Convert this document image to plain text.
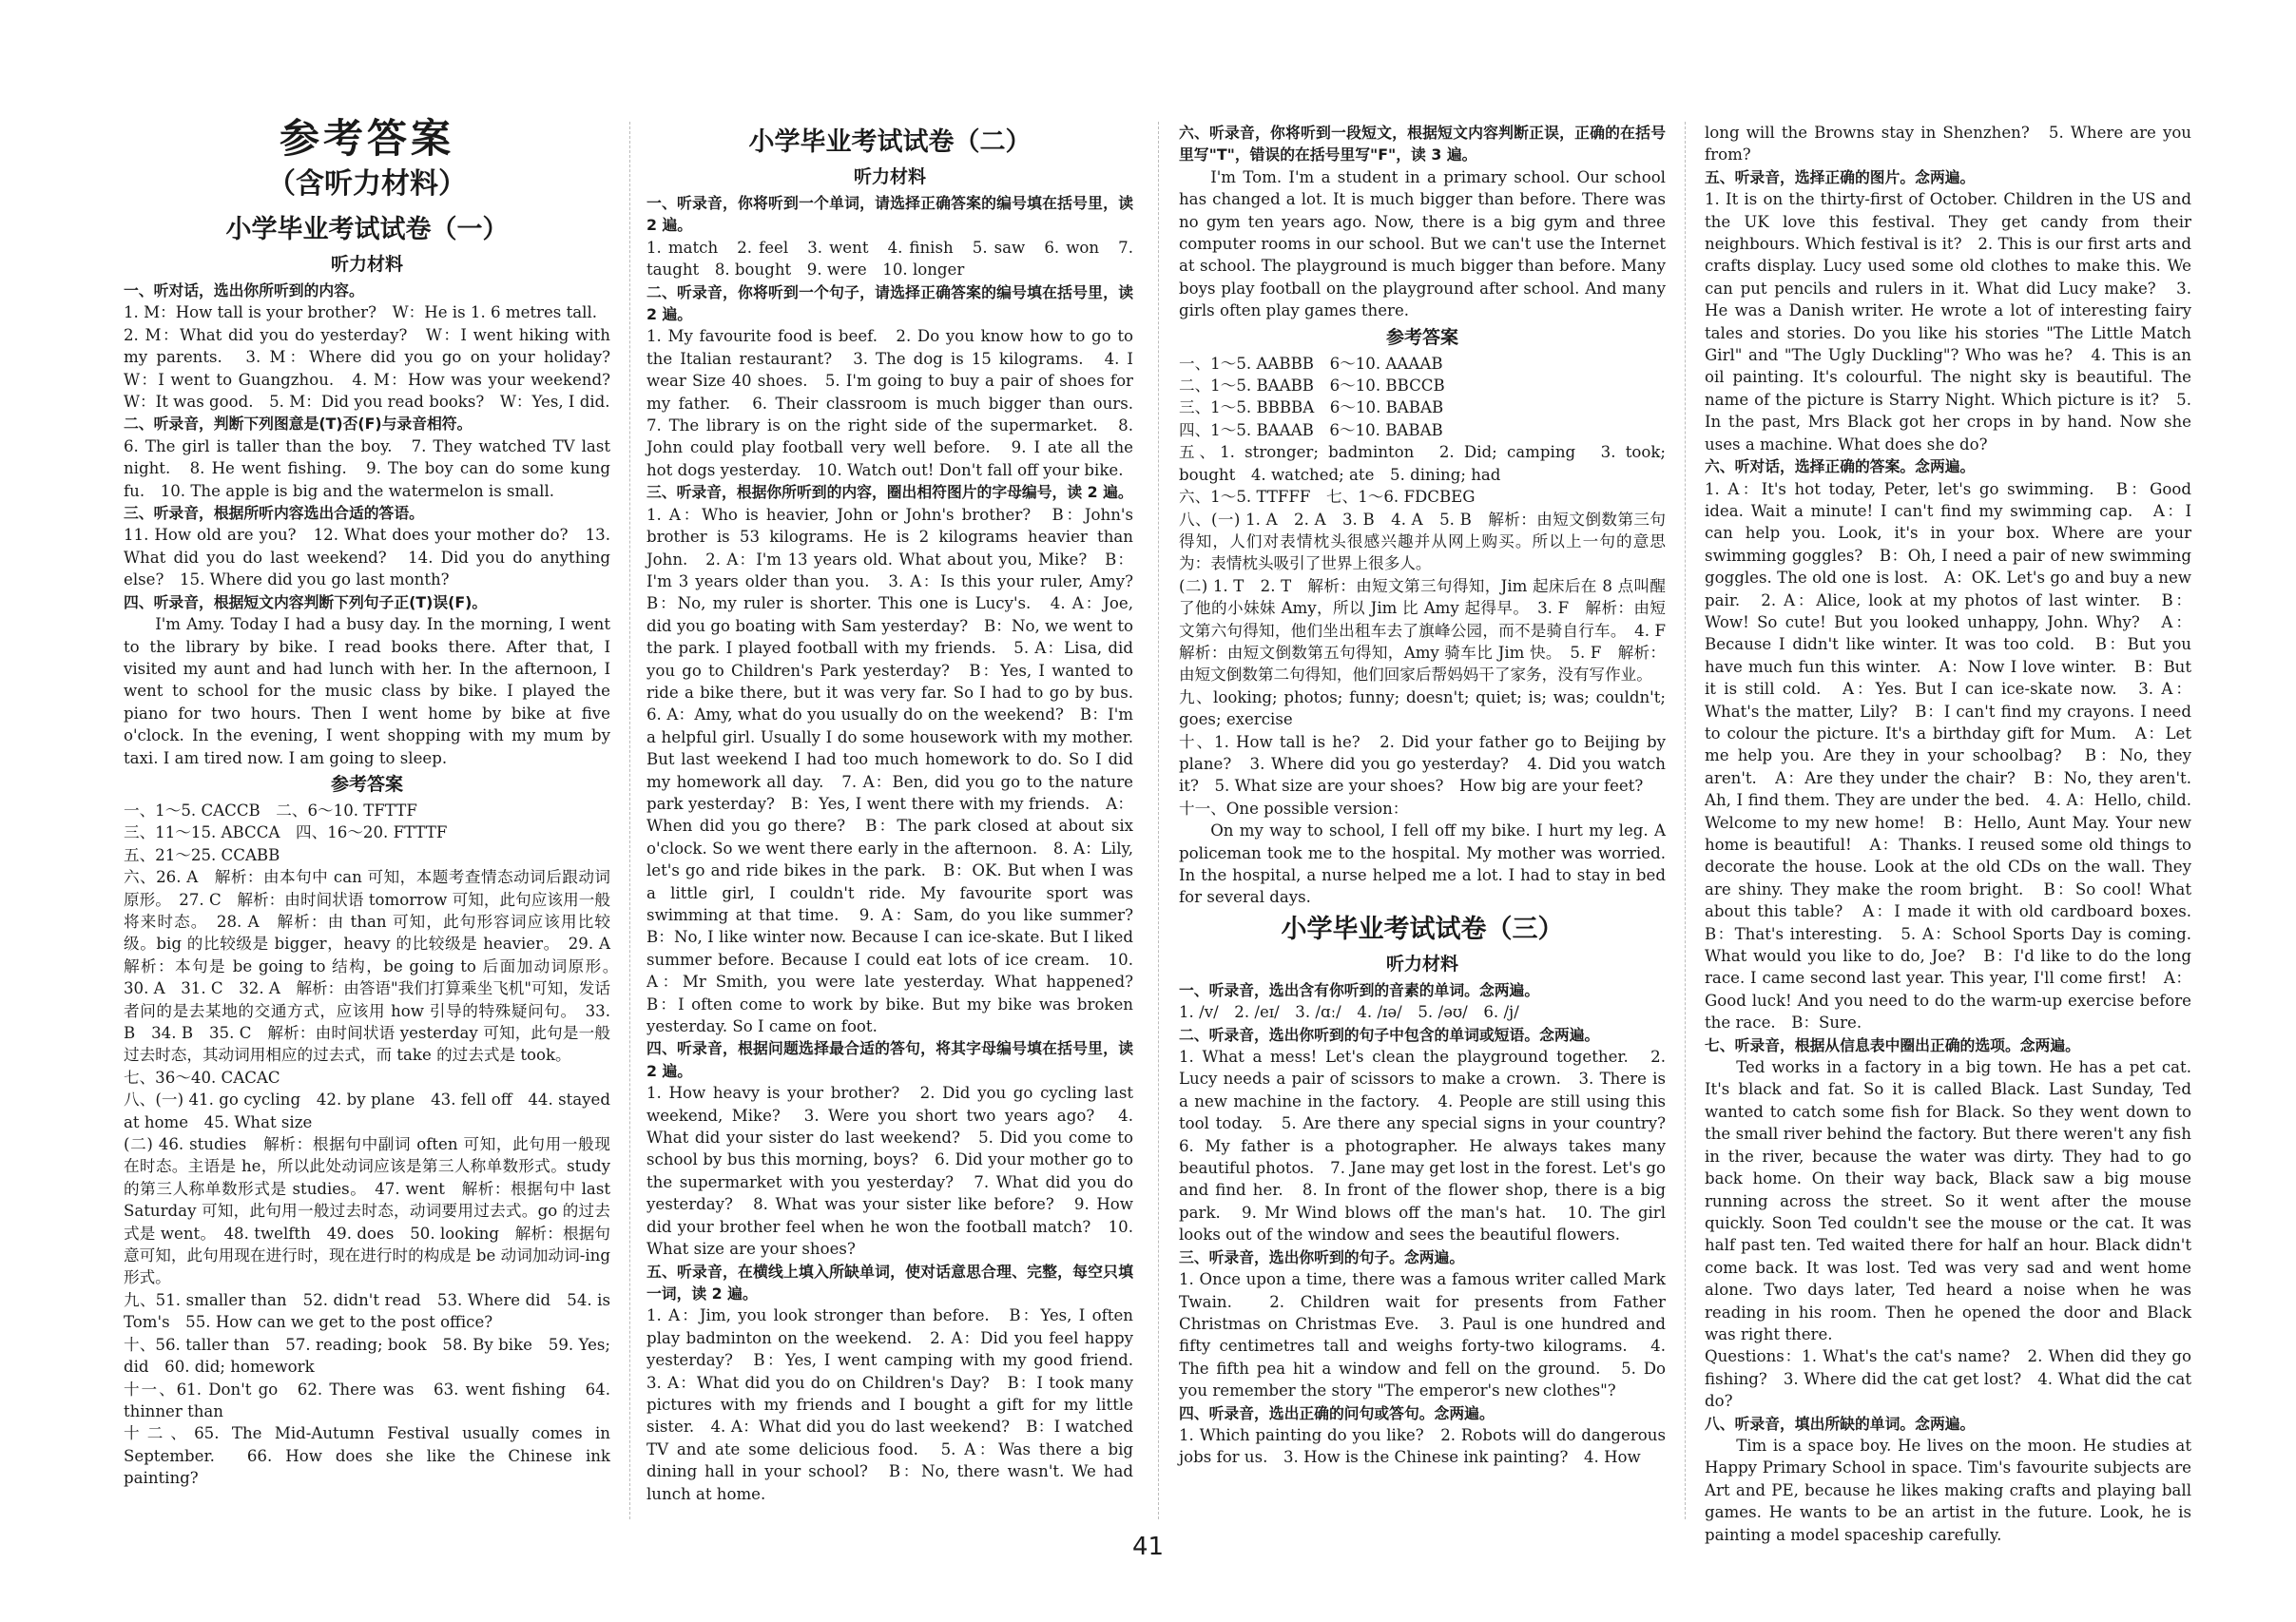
参考答案
（含听力材料）
小学毕业考试试卷（一）
听力材料
一、听对话，选出你所听到的内容。
1. M：How tall is your brother?　W：He is 1. 6 metres tall.
2. M：What did you do yesterday?　W：I went hiking with my parents.　3. M：Where did you go on your holiday?　W：I went to Guangzhou.　4. M：How was your weekend?　W：It was good.　5. M：Did you read books?　W：Yes, I did.
二、听录音，判断下列图意是(T)否(F)与录音相符。
6. The girl is taller than the boy.　7. They watched TV last night.　8. He went fishing.　9. The boy can do some kung fu.　10. The apple is big and the watermelon is small.
三、听录音，根据所听内容选出合适的答语。
11. How old are you?　12. What does your mother do?　13. What did you do last weekend?　14. Did you do anything else?　15. Where did you go last month?
四、听录音，根据短文内容判断下列句子正(T)误(F)。
I'm Amy. Today I had a busy day. In the morning, I went to the library by bike. I read books there. After that, I visited my aunt and had lunch with her. In the afternoon, I went to school for the music class by bike. I played the piano for two hours. Then I went home by bike at five o'clock. In the evening, I went shopping with my mum by taxi. I am tired now. I am going to sleep.
参考答案
一、1～5. CACCB　二、6～10. TFTTF
三、11～15. ABCCA　四、16～20. FTTTF
五、21～25. CCABB
六、26. A　解析：由本句中 can 可知，本题考查情态动词后跟动词原形。　27. C　解析：由时间状语 tomorrow 可知，此句应该用一般将来时态。　28. A　解析：由 than 可知，此句形容词应该用比较级。big 的比较级是 bigger，heavy 的比较级是 heavier。　29. A　解析：本句是 be going to 结构，be going to 后面加动词原形。　30. A　31. C　32. A　解析：由答语"我们打算乘坐飞机"可知，发话者问的是去某地的交通方式，应该用 how 引导的特殊疑问句。　33. B　34. B　35. C　解析：由时间状语 yesterday 可知，此句是一般过去时态，其动词用相应的过去式，而 take 的过去式是 took。
七、36～40. CACAC
八、(一) 41. go cycling　42. by plane　43. fell off　44. stayed at home　45. What size
(二) 46. studies　解析：根据句中副词 often 可知，此句用一般现在时态。主语是 he，所以此处动词应该是第三人称单数形式。study 的第三人称单数形式是 studies。　47. went　解析：根据句中 last Saturday 可知，此句用一般过去时态，动词要用过去式。go 的过去式是 went。　48. twelfth　49. does　50. looking　解析：根据句意可知，此句用现在进行时，现在进行时的构成是 be 动词加动词-ing 形式。
九、51. smaller than　52. didn't read　53. Where did　54. is Tom's　55. How can we get to the post office?
十、56. taller than　57. reading; book　58. By bike　59. Yes; did　60. did; homework
十一、61. Don't go　62. There was　63. went fishing　64. thinner than
十二、65. The Mid-Autumn Festival usually comes in September.　66. How does she like the Chinese ink painting?
小学毕业考试试卷（二）
听力材料
一、听录音，你将听到一个单词，请选择正确答案的编号填在括号里，读 2 遍。
1. match　2. feel　3. went　4. finish　5. saw　6. won　7. taught　8. bought　9. were　10. longer
二、听录音，你将听到一个句子，请选择正确答案的编号填在括号里，读 2 遍。
1. My favourite food is beef.　2. Do you know how to go to the Italian restaurant?　3. The dog is 15 kilograms.　4. I wear Size 40 shoes.　5. I'm going to buy a pair of shoes for my father.　6. Their classroom is much bigger than ours.　7. The library is on the right side of the supermarket.　8. John could play football very well before.　9. I ate all the hot dogs yesterday.　10. Watch out! Don't fall off your bike.
三、听录音，根据你所听到的内容，圈出相符图片的字母编号，读 2 遍。
1. A：Who is heavier, John or John's brother?　B：John's brother is 53 kilograms. He is 2 kilograms heavier than John.　2. A：I'm 13 years old. What about you, Mike?　B：I'm 3 years older than you.　3. A：Is this your ruler, Amy?　B：No, my ruler is shorter. This one is Lucy's.　4. A：Joe, did you go boating with Sam yesterday?　B：No, we went to the park. I played football with my friends.　5. A：Lisa, did you go to Children's Park yesterday?　B：Yes, I wanted to ride a bike there, but it was very far. So I had to go by bus.　6. A：Amy, what do you usually do on the weekend?　B：I'm a helpful girl. Usually I do some housework with my mother. But last weekend I had too much homework to do. So I did my homework all day.　7. A：Ben, did you go to the nature park yesterday?　B：Yes, I went there with my friends.　A：When did you go there?　B：The park closed at about six o'clock. So we went there early in the afternoon.　8. A：Lily, let's go and ride bikes in the park.　B：OK. But when I was a little girl, I couldn't ride. My favourite sport was swimming at that time.　9. A：Sam, do you like summer?　B：No, I like winter now. Because I can ice-skate. But I liked summer before. Because I could eat lots of ice cream.　10. A：Mr Smith, you were late yesterday. What happened?　B：I often come to work by bike. But my bike was broken yesterday. So I came on foot.
四、听录音，根据问题选择最合适的答句，将其字母编号填在括号里，读 2 遍。
1. How heavy is your brother?　2. Did you go cycling last weekend, Mike?　3. Were you short two years ago?　4. What did your sister do last weekend?　5. Did you come to school by bus this morning, boys?　6. Did your mother go to the supermarket with you yesterday?　7. What did you do yesterday?　8. What was your sister like before?　9. How did your brother feel when he won the football match?　10. What size are your shoes?
五、听录音，在横线上填入所缺单词，使对话意思合理、完整，每空只填一词，读 2 遍。
1. A：Jim, you look stronger than before.　B：Yes, I often play badminton on the weekend.　2. A：Did you feel happy yesterday?　B：Yes, I went camping with my good friend.　3. A：What did you do on Children's Day?　B：I took many pictures with my friends and I bought a gift for my little sister.　4. A：What did you do last weekend?　B：I watched TV and ate some delicious food.　5. A：Was there a big dining hall in your school?　B：No, there wasn't. We had lunch at home.
六、听录音，你将听到一段短文，根据短文内容判断正误，正确的在括号里写"T"，错误的在括号里写"F"，读 3 遍。
I'm Tom. I'm a student in a primary school. Our school has changed a lot. It is much bigger than before. There was no gym ten years ago. Now, there is a big gym and three computer rooms in our school. But we can't use the Internet at school. The playground is much bigger than before. Many boys play football on the playground after school. And many girls often play games there.
参考答案
一、1～5. AABBB　6～10. AAAAB
二、1～5. BAABB　6～10. BBCCB
三、1～5. BBBBA　6～10. BABAB
四、1～5. BAAAB　6～10. BABAB
五、1. stronger; badminton　2. Did; camping　3. took; bought　4. watched; ate　5. dining; had
六、1～5. TTFFF　七、1～6. FDCBEG
八、(一) 1. A　2. A　3. B　4. A　5. B　解析：由短文倒数第三句得知，人们对表情枕头很感兴趣并从网上购买。所以上一句的意思为：表情枕头吸引了世界上很多人。
(二) 1. T　2. T　解析：由短文第三句得知，Jim 起床后在 8 点叫醒了他的小妹妹 Amy，所以 Jim 比 Amy 起得早。　3. F　解析：由短文第六句得知，他们坐出租车去了旗峰公园，而不是骑自行车。　4. F　解析：由短文倒数第五句得知，Amy 骑车比 Jim 快。　5. F　解析：由短文倒数第二句得知，他们回家后帮妈妈干了家务，没有写作业。
九、looking; photos; funny; doesn't; quiet; is; was; couldn't; goes; exercise
十、1. How tall is he?　2. Did your father go to Beijing by plane?　3. Where did you go yesterday?　4. Did you watch it?　5. What size are your shoes?　How big are your feet?
十一、One possible version：
On my way to school, I fell off my bike. I hurt my leg. A policeman took me to the hospital. My mother was worried. In the hospital, a nurse helped me a lot. I had to stay in bed for several days.
小学毕业考试试卷（三）
听力材料
一、听录音，选出含有你听到的音素的单词。念两遍。
1. /v/　2. /eɪ/　3. /ɑː/　4. /ɪə/　5. /əʊ/　6. /j/
二、听录音，选出你听到的句子中包含的单词或短语。念两遍。
1. What a mess! Let's clean the playground together.　2. Lucy needs a pair of scissors to make a crown.　3. There is a new machine in the factory.　4. People are still using this tool today.　5. Are there any special signs in your country?　6. My father is a photographer. He always takes many beautiful photos.　7. Jane may get lost in the forest. Let's go and find her.　8. In front of the flower shop, there is a big park.　9. Mr Wind blows off the man's hat.　10. The girl looks out of the window and sees the beautiful flowers.
三、听录音，选出你听到的句子。念两遍。
1. Once upon a time, there was a famous writer called Mark Twain.　2. Children wait for presents from Father Christmas on Christmas Eve.　3. Paul is one hundred and fifty centimetres tall and weighs forty-two kilograms.　4. The fifth pea hit a window and fell on the ground.　5. Do you remember the story "The emperor's new clothes"?
四、听录音，选出正确的问句或答句。念两遍。
1. Which painting do you like?　2. Robots will do dangerous jobs for us.　3. How is the Chinese ink painting?　4. How
long will the Browns stay in Shenzhen?　5. Where are you from?
五、听录音，选择正确的图片。念两遍。
1. It is on the thirty-first of October. Children in the US and the UK love this festival. They get candy from their neighbours. Which festival is it?　2. This is our first arts and crafts display. Lucy used some old clothes to make this. We can put pencils and rulers in it. What did Lucy make?　3. He was a Danish writer. He wrote a lot of interesting fairy tales and stories. Do you like his stories "The Little Match Girl" and "The Ugly Duckling"? Who was he?　4. This is an oil painting. It's colourful. The night sky is beautiful. The name of the picture is Starry Night. Which picture is it?　5. In the past, Mrs Black got her crops in by hand. Now she uses a machine. What does she do?
六、听对话，选择正确的答案。念两遍。
1. A：It's hot today, Peter, let's go swimming.　B：Good idea. Wait a minute! I can't find my swimming cap.　A：I can help you. Look, it's in your box. Where are your swimming goggles?　B：Oh, I need a pair of new swimming goggles. The old one is lost.　A：OK. Let's go and buy a new pair.　2. A：Alice, look at my photos of last winter.　B：Wow! So cute! But you looked unhappy, John. Why?　A：Because I didn't like winter. It was too cold.　B：But you have much fun this winter.　A：Now I love winter.　B：But it is still cold.　A：Yes. But I can ice-skate now.　3. A：What's the matter, Lily?　B：I can't find my crayons. I need to colour the picture. It's a birthday gift for Mum.　A：Let me help you. Are they in your schoolbag?　B：No, they aren't.　A：Are they under the chair?　B：No, they aren't. Ah, I find them. They are under the bed.　4. A：Hello, child. Welcome to my new home!　B：Hello, Aunt May. Your new home is beautiful!　A：Thanks. I reused some old things to decorate the house. Look at the old CDs on the wall. They are shiny. They make the room bright.　B：So cool! What about this table?　A：I made it with old cardboard boxes.　B：That's interesting.　5. A：School Sports Day is coming. What would you like to do, Joe?　B：I'd like to do the long race. I came second last year. This year, I'll come first!　A：Good luck! And you need to do the warm-up exercise before the race.　B：Sure.
七、听录音，根据从信息表中圈出正确的选项。念两遍。
Ted works in a factory in a big town. He has a pet cat. It's black and fat. So it is called Black. Last Sunday, Ted wanted to catch some fish for Black. So they went down to the small river behind the factory. But there weren't any fish in the river, because the water was dirty. They had to go back home. On their way back, Black saw a big mouse running across the street. So it went after the mouse quickly. Soon Ted couldn't see the mouse or the cat. It was half past ten. Ted waited there for half an hour. Black didn't come back. It was lost. Ted was very sad and went home alone. Two days later, Ted heard a noise when he was reading in his room. Then he opened the door and Black was right there.
Questions：1. What's the cat's name?　2. When did they go fishing?　3. Where did the cat get lost?　4. What did the cat do?
八、听录音，填出所缺的单词。念两遍。
Tim is a space boy. He lives on the moon. He studies at Happy Primary School in space. Tim's favourite subjects are Art and PE, because he likes making crafts and playing ball games. He wants to be an artist in the future. Look, he is painting a model spaceship carefully.
41
